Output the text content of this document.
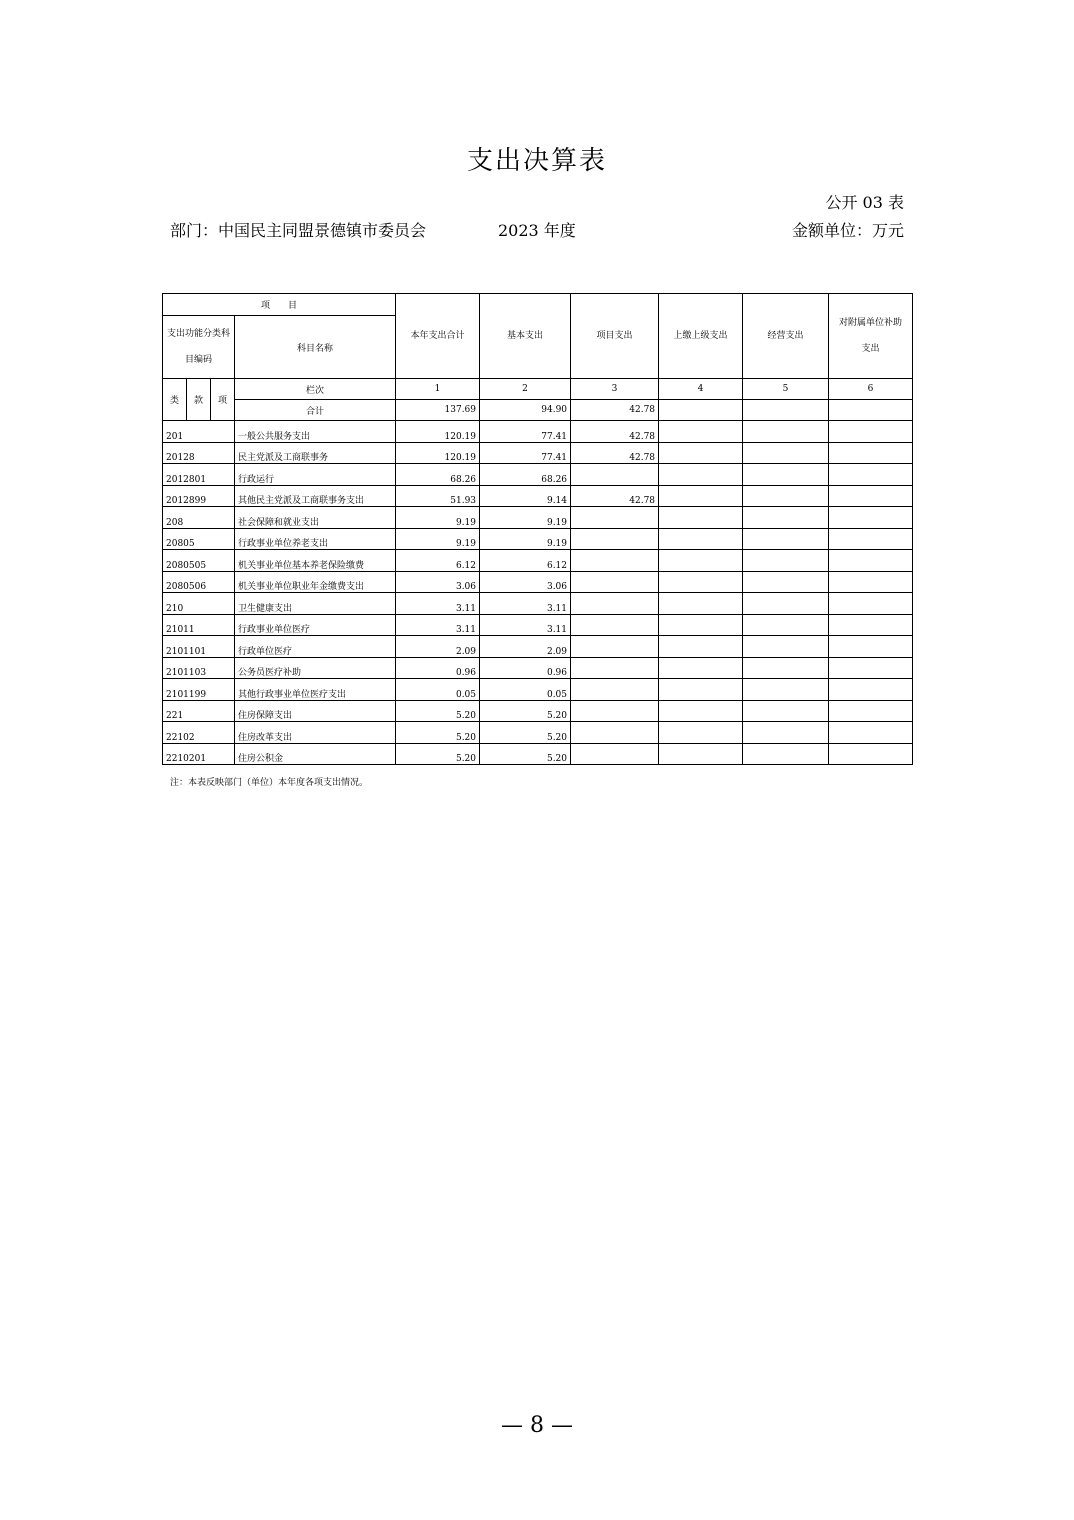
支出决算表
公开 03 表
部门：中国民主同盟景德镇市委员会	2023 年度	金额单位：万元
项　　目				本年支出合计	基本支出	项目支出	上缴上级支出	经营支出	对附属单位补助支出
支出功能分类科目编码			科目名称						
类	款	项	栏次	1	2	3	4	5	6
			合计	137.69	94.90	42.78			
201			一般公共服务支出	120.19	77.41	42.78			
20128			民主党派及工商联事务	120.19	77.41	42.78			
2012801			行政运行	68.26	68.26				
2012899			其他民主党派及工商联事务支出	51.93	9.14	42.78			
208			社会保障和就业支出	9.19	9.19				
20805			行政事业单位养老支出	9.19	9.19				
2080505			机关事业单位基本养老保险缴费	6.12	6.12				
2080506			机关事业单位职业年金缴费支出	3.06	3.06				
210			卫生健康支出	3.11	3.11				
21011			行政事业单位医疗	3.11	3.11				
2101101			行政单位医疗	2.09	2.09				
2101103			公务员医疗补助	0.96	0.96				
2101199			其他行政事业单位医疗支出	0.05	0.05				
221			住房保障支出	5.20	5.20				
22102			住房改革支出	5.20	5.20				
2210201			住房公积金	5.20	5.20				
注：本表反映部门（单位）本年度各项支出情况。
— 8 —
